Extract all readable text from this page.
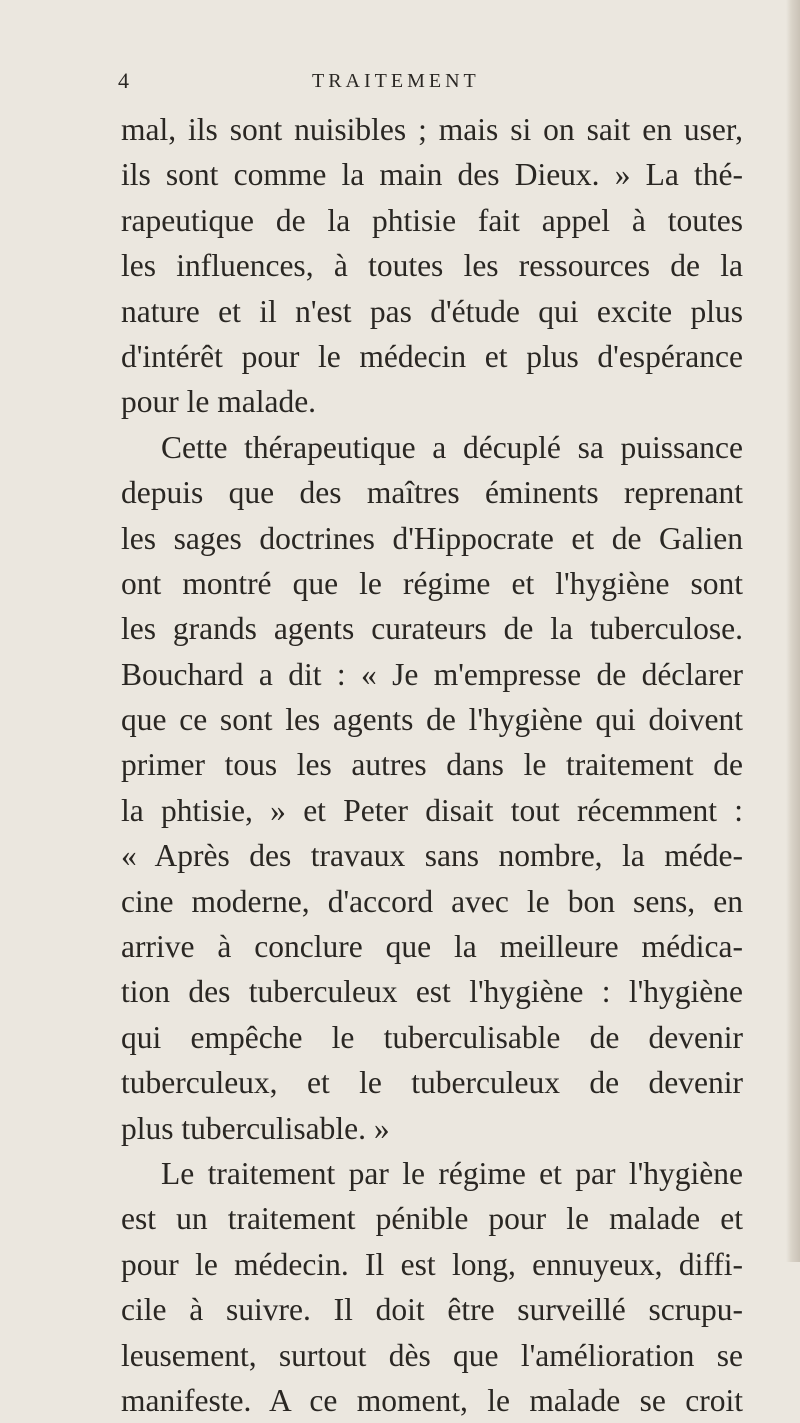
4	TRAITEMENT
mal, ils sont nuisibles ; mais si on sait en user,
ils sont comme la main des Dieux. » La thé-
rapeutique de la phtisie fait appel à toutes
les influences, à toutes les ressources de la
nature et il n'est pas d'étude qui excite plus
d'intérêt pour le médecin et plus d'espérance
pour le malade.
Cette thérapeutique a décuplé sa puissance
depuis que des maîtres éminents reprenant
les sages doctrines d'Hippocrate et de Galien
ont montré que le régime et l'hygiène sont
les grands agents curateurs de la tuberculose.
Bouchard a dit : « Je m'empresse de déclarer
que ce sont les agents de l'hygiène qui doivent
primer tous les autres dans le traitement de
la phtisie, » et Peter disait tout récemment :
« Après des travaux sans nombre, la méde-
cine moderne, d'accord avec le bon sens, en
arrive à conclure que la meilleure médica-
tion des tuberculeux est l'hygiène : l'hygiène
qui empêche le tuberculisable de devenir
tuberculeux, et le tuberculeux de devenir
plus tuberculisable. »
Le traitement par le régime et par l'hygiène
est un traitement pénible pour le malade et
pour le médecin. Il est long, ennuyeux, diffi-
cile à suivre. Il doit être surveillé scrupu-
leusement, surtout dès que l'amélioration se
manifeste. A ce moment, le malade se croit
